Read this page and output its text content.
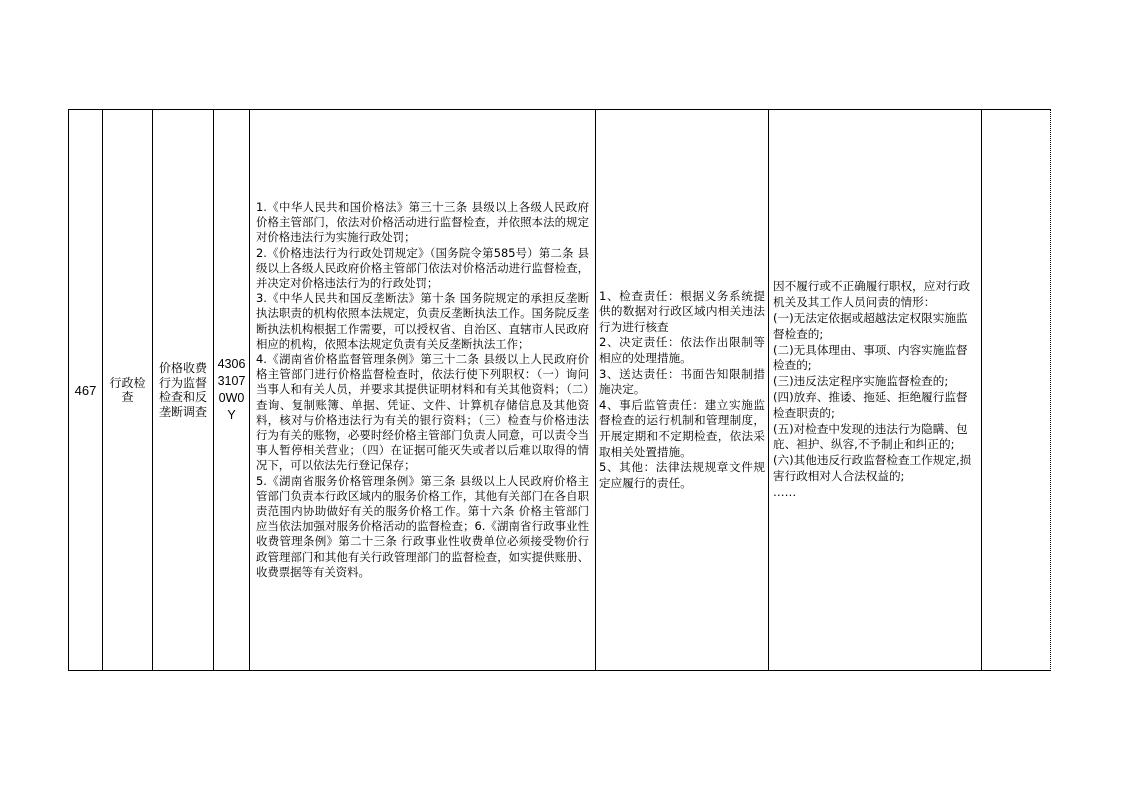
467 行政检查
价格收费行为监督检查和反垄断调查
4306
3107
0W0
Y

1.《中华人民共和国价格法》第三十三条 县级以上各级人民政府价格主管部门，依法对价格活动进行监督检查，并依照本法的规定对价格违法行为实施行政处罚；

2.《价格违法行为行政处罚规定》（国务院令第585号）第二条 县级以上各级人民政府价格主管部门依法对价格活动进行监督检查，并决定对价格违法行为的行政处罚；

3.《中华人民共和国反垄断法》第十条 国务院规定的承担反垄断执法职责的机构依照本法规定，负责反垄断执法工作。国务院反垄断执法机构根据工作需要，可以授权省、自治区、直辖市人民政府相应的机构，依照本法规定负责有关反垄断执法工作；

4.《湖南省价格监督管理条例》第三十二条 县级以上人民政府价格主管部门进行价格监督检查时，依法行使下列职权：（一）询问当事人和有关人员，并要求其提供证明材料和有关其他资料；（二）查询、复制账簿、单据、凭证、文件、计算机存储信息及其他资料，核对与价格违法行为有关的银行资料；（三）检查与价格违法行为有关的账物，必要时经价格主管部门负责人同意，可以责令当事人暂停相关营业；（四）在证据可能灭失或者以后难以取得的情况下，可以依法先行登记保存；

5.《湖南省服务价格管理条例》第三条 县级以上人民政府价格主管部门负责本行政区域内的服务价格工作，其他有关部门在各自职责范围内协助做好有关的服务价格工作。第十六条 价格主管部门应当依法加强对服务价格活动的监督检查；6.《湖南省行政事业性收费管理条例》第二十三条 行政事业性收费单位必须接受物价行政管理部门和其他有关行政管理部门的监督检查，如实提供账册、收费票据等有关资料。

1、检查责任：根据义务系统提供的数据对行政区域内相关违法行为进行核查

2、决定责任：依法作出限制等相应的处理措施。

3、送达责任：书面告知限制措施决定。

4、事后监管责任：建立实施监督检查的运行机制和管理制度，开展定期和不定期检查，依法采取相关处置措施。

5、其他：法律法规规章文件规定应履行的责任。

因不履行或不正确履行职权，应对行政机关及其工作人员问责的情形：

(一)无法定依据或超越法定权限实施监督检查的;

(二)无具体理由、事项、内容实施监督检查的;

(三)违反法定程序实施监督检查的;

(四)放弃、推诿、拖延、拒绝履行监督检查职责的;

(五)对检查中发现的违法行为隐瞒、包庇、袒护、纵容,不予制止和纠正的;

(六)其他违反行政监督检查工作规定,损害行政相对人合法权益的;

……
